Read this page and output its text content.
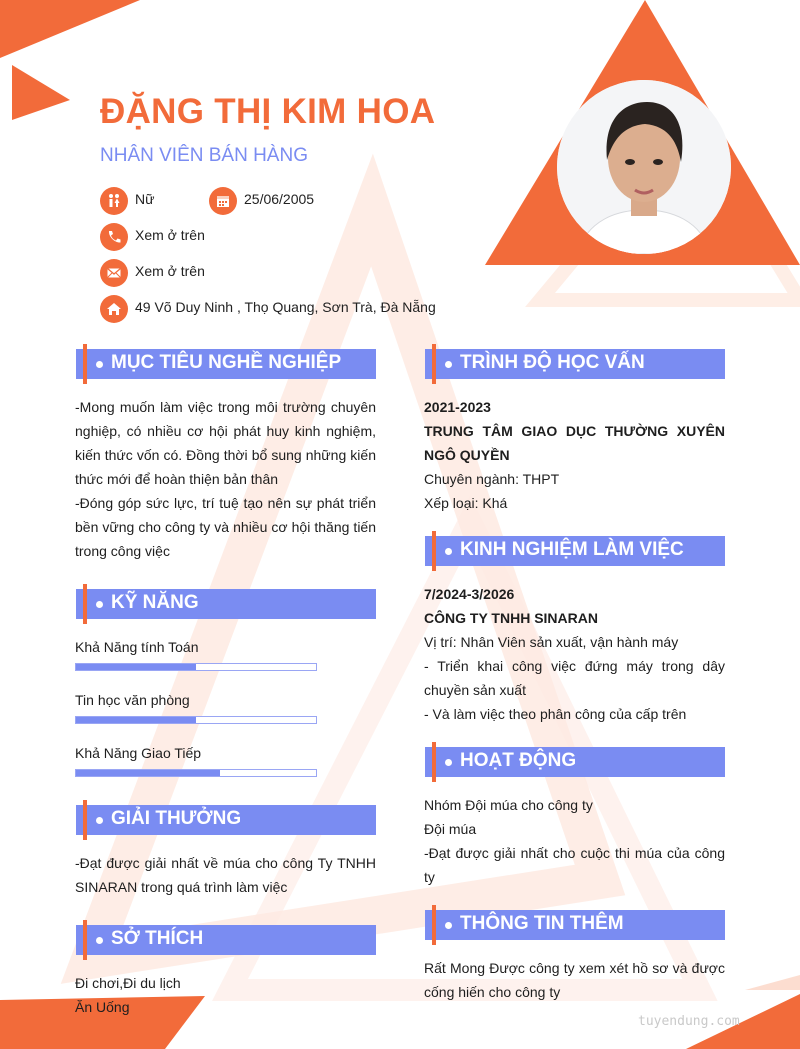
ĐẶNG THỊ KIM HOA
NHÂN VIÊN BÁN HÀNG
Nữ	25/06/2005
Xem ở trên
Xem ở trên
49 Võ Duy Ninh , Thọ Quang, Sơn Trà, Đà Nẵng
MỤC TIÊU NGHỀ NGHIỆP
-Mong muốn làm việc trong môi trường chuyên nghiệp, có nhiều cơ hội phát huy kinh nghiệm, kiến thức vốn có. Đồng thời bổ sung những kiến thức mới để hoàn thiện bản thân
-Đóng góp sức lực, trí tuệ tạo nên sự phát triển bền vững cho công ty và nhiều cơ hội thăng tiến trong công việc
KỸ NĂNG
Khả Năng tính Toán
Tin học văn phòng
Khả Năng Giao Tiếp
GIẢI THƯỞNG
-Đạt được giải nhất về múa cho công Ty TNHH SINARAN trong quá trình làm việc
SỞ THÍCH
Đi chơi,Đi du lịch
Ăn Uống
TRÌNH ĐỘ HỌC VẤN
2021-2023
TRUNG TÂM GIAO DỤC THƯỜNG XUYÊN NGÔ QUYỀN
Chuyên ngành: THPT
Xếp loại: Khá
KINH NGHIỆM LÀM VIỆC
7/2024-3/2026
CÔNG TY TNHH SINARAN
Vị trí: Nhân Viên sản xuất, vận hành máy
- Triển khai công việc đứng máy trong dây chuyền sản xuất
- Và làm việc theo phân công của cấp trên
HOẠT ĐỘNG
Nhóm Đội múa cho công ty
Đội múa
-Đạt được giải nhất cho cuộc thi múa của công ty
THÔNG TIN THÊM
Rất Mong Được công ty xem xét hồ sơ và được cống hiến cho công ty
tuyendung.com
